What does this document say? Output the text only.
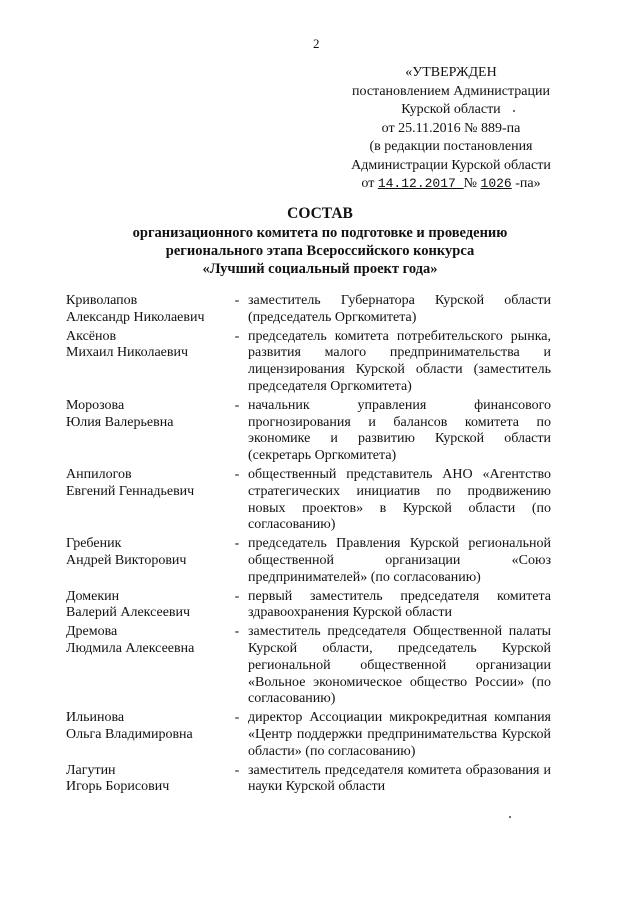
2
«УТВЕРЖДЕН
постановлением Администрации
Курской области
от 25.11.2016 № 889-па
(в редакции постановления
Администрации Курской области
от 14.12.2017 № 1026 -па»
СОСТАВ
организационного комитета по подготовке и проведению
регионального этапа Всероссийского конкурса
«Лучший социальный проект года»
Криволапов
Александр Николаевич
- заместитель Губернатора Курской области (председатель Оргкомитета)
Аксёнов
Михаил Николаевич
- председатель комитета потребительского рынка, развития малого предпринимательства и лицензирования Курской области (заместитель председателя Оргкомитета)
Морозова
Юлия Валерьевна
- начальник управления финансового прогнозирования и балансов комитета по экономике и развитию Курской области (секретарь Оргкомитета)
Анпилогов
Евгений Геннадьевич
- общественный представитель АНО «Агентство стратегических инициатив по продвижению новых проектов» в Курской области (по согласованию)
Гребеник
Андрей Викторович
- председатель Правления Курской региональной общественной организации «Союз предпринимателей» (по согласованию)
Домекин
Валерий Алексеевич
- первый заместитель председателя комитета здравоохранения Курской области
Дремова
Людмила Алексеевна
- заместитель председателя Общественной палаты Курской области, председатель Курской региональной общественной организации «Вольное экономическое общество России» (по согласованию)
Ильинова
Ольга Владимировна
- директор Ассоциации микрокредитная компания «Центр поддержки предпринимательства Курской области» (по согласованию)
Лагутин
Игорь Борисович
- заместитель председателя комитета образования и науки Курской области
